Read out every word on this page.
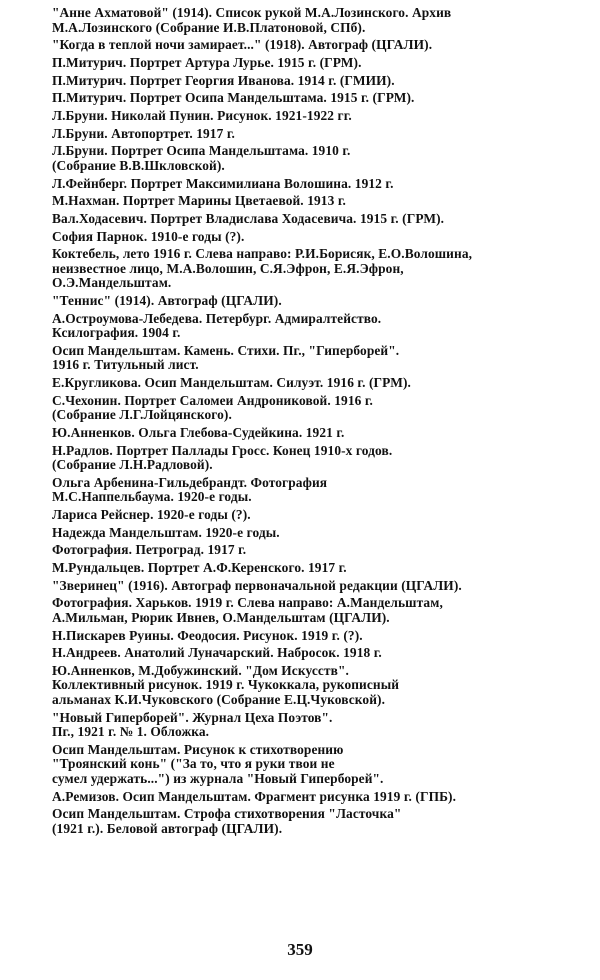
"Анне Ахматовой" (1914). Список рукой М.А.Лозинского. Архив
М.А.Лозинского (Собрание И.В.Платоновой, СПб).

"Когда в теплой ночи замирает..." (1918). Автограф (ЦГАЛИ).

П.Митурич. Портрет Артура Лурье. 1915 г. (ГРМ).

П.Митурич. Портрет Георгия Иванова. 1914 г. (ГМИИ).

П.Митурич. Портрет Осипа Мандельштама. 1915 г. (ГРМ).

Л.Бруни. Николай Пунин. Рисунок. 1921-1922 гг.

Л.Бруни. Автопортрет. 1917 г.

Л.Бруни. Портрет Осипа Мандельштама. 1910 г.
(Собрание В.В.Шкловской).

Л.Фейнберг. Портрет Максимилиана Волошина. 1912 г.

М.Нахман. Портрет Марины Цветаевой. 1913 г.

Вал.Ходасевич. Портрет Владислава Ходасевича. 1915 г. (ГРМ).

София Парнок. 1910-е годы (?).

Коктебель, лето 1916 г. Слева направо: Р.И.Борисяк, Е.О.Волошина,
неизвестное лицо, М.А.Волошин, С.Я.Эфрон, Е.Я.Эфрон,
О.Э.Мандельштам.

"Теннис" (1914). Автограф (ЦГАЛИ).

А.Остроумова-Лебедева. Петербург. Адмиралтейство.
Ксилография. 1904 г.

Осип Мандельштам. Камень. Стихи. Пг., "Гиперборей".
1916 г. Титульный лист.

Е.Кругликова. Осип Мандельштам. Силуэт. 1916 г. (ГРМ).

С.Чехонин. Портрет Саломеи Андрониковой. 1916 г.
(Собрание Л.Г.Лойцянского).

Ю.Анненков. Ольга Глебова-Судейкина. 1921 г.

Н.Радлов. Портрет Паллады Гросс. Конец 1910-х годов.
(Собрание Л.Н.Радловой).

Ольга Арбенина-Гильдебрандт. Фотография
М.С.Наппельбаума. 1920-е годы.

Лариса Рейснер. 1920-е годы (?).

Надежда Мандельштам. 1920-е годы.

Фотография. Петроград. 1917 г.

М.Рундальцев. Портрет А.Ф.Керенского. 1917 г.

"Зверинец" (1916). Автограф первоначальной редакции (ЦГАЛИ).

Фотография. Харьков. 1919 г. Слева направо: А.Мандельштам,
А.Мильман, Рюрик Ивнев, О.Мандельштам (ЦГАЛИ).

Н.Пискарев Руины. Феодосия. Рисунок. 1919 г. (?).

Н.Андреев. Анатолий Луначарский. Набросок. 1918 г.

Ю.Анненков, М.Добужинский. "Дом Искусств".
Коллективный рисунок. 1919 г. Чукоккала, рукописный
альманах К.И.Чуковского (Собрание Е.Ц.Чуковской).

"Новый Гиперборей". Журнал Цеха Поэтов".
Пг., 1921 г. № 1. Обложка.

Осип Мандельштам. Рисунок к стихотворению
"Троянский конь" ("За то, что я руки твои не
сумел удержать...") из журнала "Новый Гиперборей".

А.Ремизов. Осип Мандельштам. Фрагмент рисунка 1919 г. (ГПБ).

Осип Мандельштам. Строфа стихотворения "Ласточка"
(1921 г.). Беловой автограф (ЦГАЛИ).

359
